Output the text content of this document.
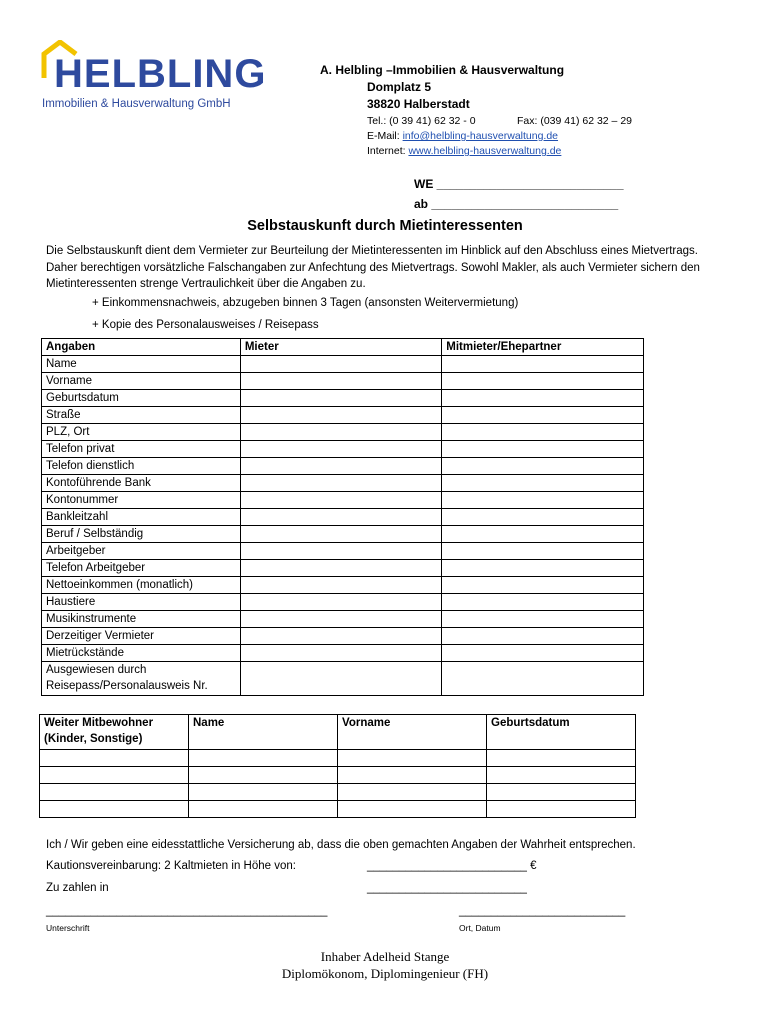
HELBLING
Immobilien & Hausverwaltung GmbH
A. Helbling –Immobilien & Hausverwaltung
Domplatz 5
38820 Halberstadt
Tel.: (0 39 41) 62 32 - 0	Fax: (039 41) 62 32 – 29
E-Mail: info@helbling-hausverwaltung.de
Internet: www.helbling-hausverwaltung.de
WE ____________________________
ab ____________________________
Selbstauskunft durch Mietinteressenten
Die Selbstauskunft dient dem Vermieter zur Beurteilung der Mietinteressenten im Hinblick auf den Abschluss eines Mietvertrags. Daher berechtigen vorsätzliche Falschangaben zur Anfechtung des Mietvertrags. Sowohl Makler, als auch Vermieter sichern den Mietinteressenten strenge Vertraulichkeit über die Angaben zu.
+ Einkommensnachweis, abzugeben binnen 3 Tagen (ansonsten Weitervermietung)
+ Kopie des Personalausweises / Reisepass
Angaben	Mieter	Mitmieter/Ehepartner
Name		
Vorname		
Geburtsdatum		
Straße		
PLZ, Ort		
Telefon privat		
Telefon dienstlich		
Kontoführende Bank		
Kontonummer		
Bankleitzahl		
Beruf / Selbständig		
Arbeitgeber		
Telefon Arbeitgeber		
Nettoeinkommen (monatlich)		
Haustiere		
Musikinstrumente		
Derzeitiger Vermieter		
Mietrückstände		
Ausgewiesen durch
Reisepass/Personalausweis Nr.		
Weiter Mitbewohner
(Kinder, Sonstige)	Name	Vorname	Geburtsdatum

Ich / Wir geben eine eidesstattliche Versicherung ab, dass die oben gemachten Angaben der Wahrheit entsprechen.
Kautionsvereinbarung: 2 Kaltmieten in Höhe von:	_________________________ €
Zu zahlen in	_________________________
____________________________________________
Unterschrift
__________________________
Ort, Datum
Inhaber Adelheid Stange
Diplomökonom, Diplomingenieur (FH)
